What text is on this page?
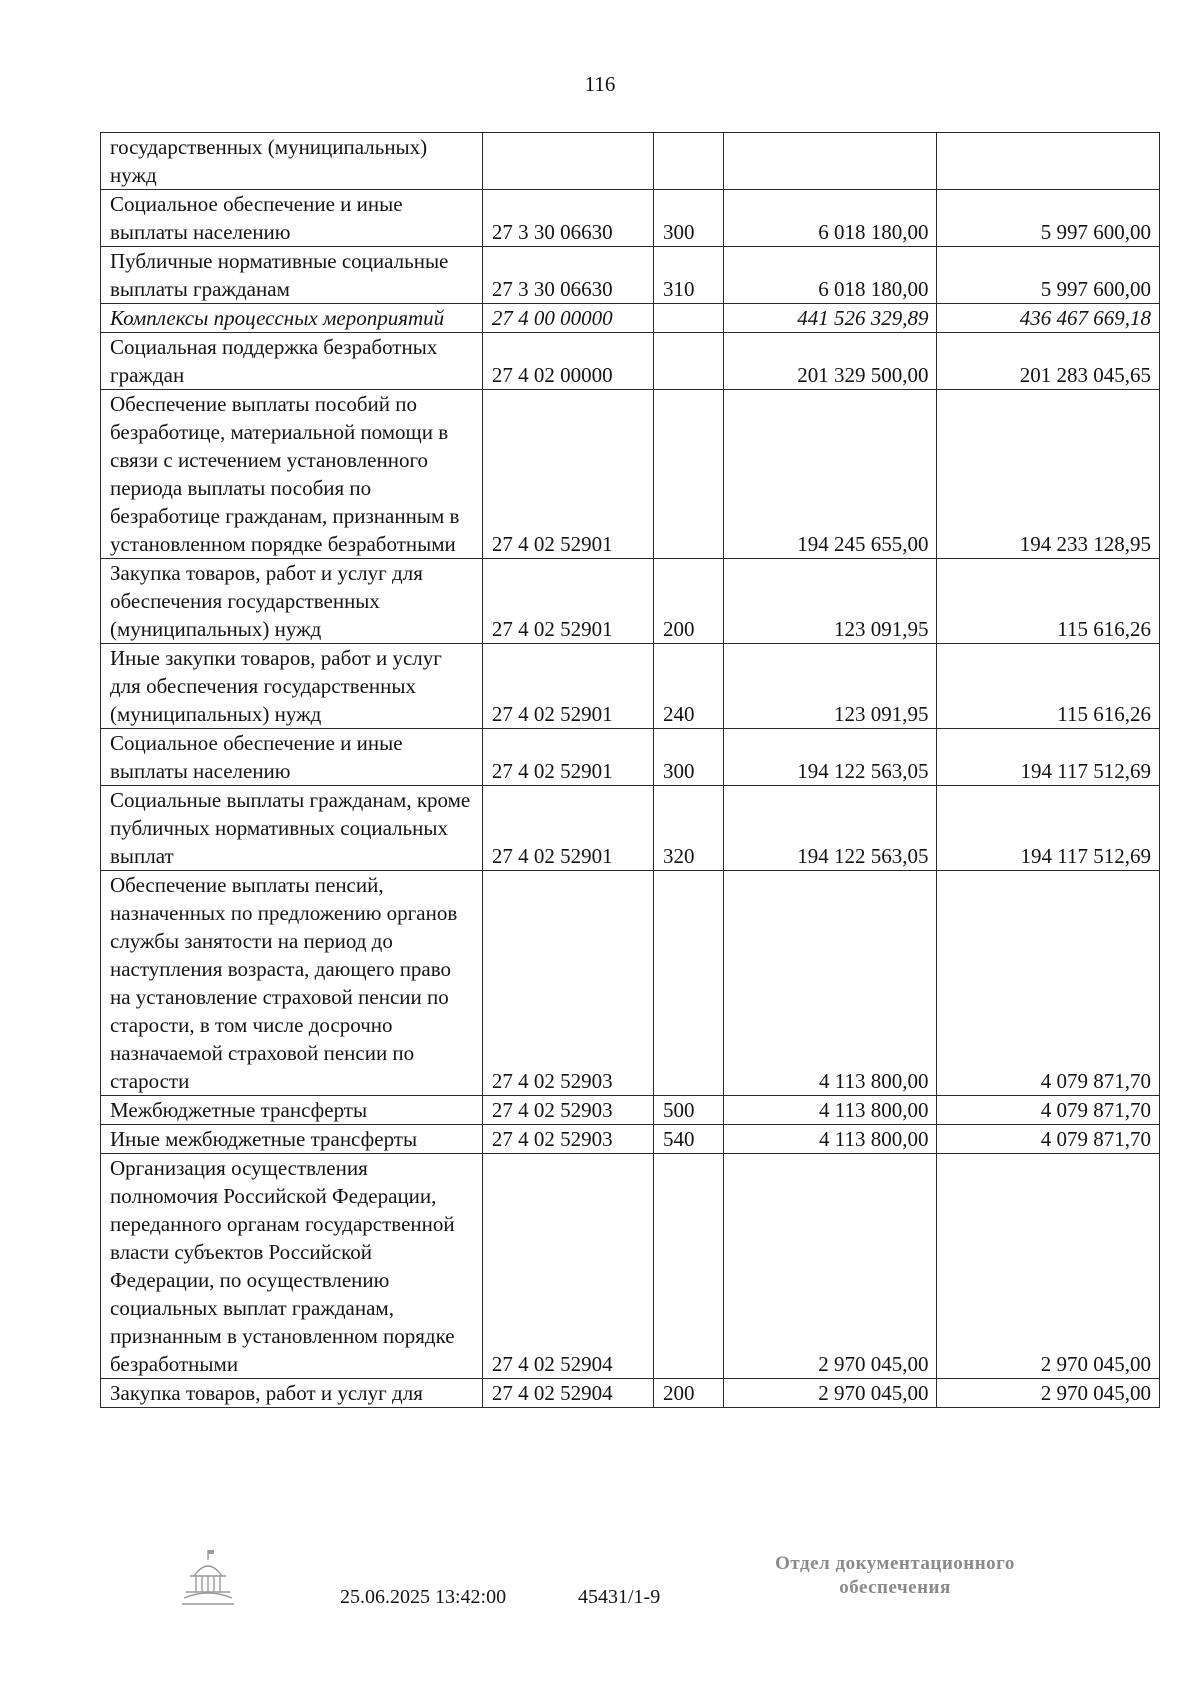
116
государственных (муниципальных) нужд				
Социальное обеспечение и иные выплаты населению	27 3 30 06630	300	6 018 180,00	5 997 600,00
Публичные нормативные социальные выплаты гражданам	27 3 30 06630	310	6 018 180,00	5 997 600,00
Комплексы процессных мероприятий	27 4 00 00000		441 526 329,89	436 467 669,18
Социальная поддержка безработных граждан	27 4 02 00000		201 329 500,00	201 283 045,65
Обеспечение выплаты пособий по безработице, материальной помощи в связи с истечением установленного периода выплаты пособия по безработице гражданам, признанным в установленном порядке безработными	27 4 02 52901		194 245 655,00	194 233 128,95
Закупка товаров, работ и услуг для обеспечения государственных (муниципальных) нужд	27 4 02 52901	200	123 091,95	115 616,26
Иные закупки товаров, работ и услуг для обеспечения государственных (муниципальных) нужд	27 4 02 52901	240	123 091,95	115 616,26
Социальное обеспечение и иные выплаты населению	27 4 02 52901	300	194 122 563,05	194 117 512,69
Социальные выплаты гражданам, кроме публичных нормативных социальных выплат	27 4 02 52901	320	194 122 563,05	194 117 512,69
Обеспечение выплаты пенсий, назначенных по предложению органов службы занятости на период до наступления возраста, дающего право на установление страховой пенсии по старости, в том числе досрочно назначаемой страховой пенсии по старости	27 4 02 52903		4 113 800,00	4 079 871,70
Межбюджетные трансферты	27 4 02 52903	500	4 113 800,00	4 079 871,70
Иные межбюджетные трансферты	27 4 02 52903	540	4 113 800,00	4 079 871,70
Организация осуществления полномочия Российской Федерации, переданного органам государственной власти субъектов Российской Федерации, по осуществлению социальных выплат гражданам, признанным в установленном порядке безработными	27 4 02 52904		2 970 045,00	2 970 045,00
Закупка товаров, работ и услуг для	27 4 02 52904	200	2 970 045,00	2 970 045,00
25.06.2025 13:42:00	45431/1-9
Отдел документационного
обеспечения
